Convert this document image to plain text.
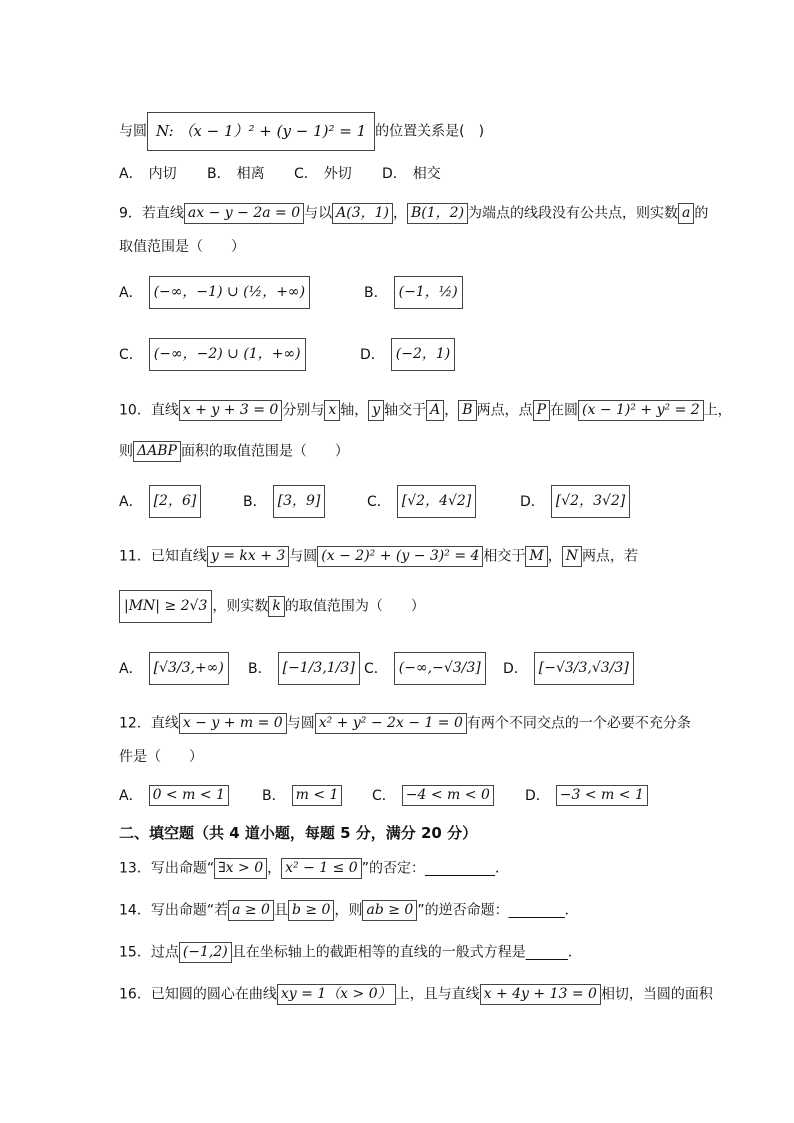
与圆 N: （x − 1）² + (y − 1)² = 1 的位置关系是(　)
A． 内切 B． 相离 C． 外切 D． 相交
9．若直线 ax − y − 2a = 0 与以 A(3，1) ， B(1，2) 为端点的线段没有公共点，则实数 a 的
取值范围是（　　）
A． (−∞，−1) ∪ (½，+∞)	B． (−1，½)
C． (−∞，−2) ∪ (1，+∞)	D． (−2，1)
10．直线 x + y + 3 = 0 分别与 x 轴， y 轴交于 A ， B 两点，点 P 在圆 (x − 1)² + y² = 2 上，
则 ΔABP 面积的取值范围是（　　）
A． [2，6]	B． [3，9]	C． [√2，4√2]	D． [√2，3√2]
11．已知直线 y = kx + 3 与圆 (x − 2)² + (y − 3)² = 4 相交于 M ， N 两点，若
|MN| ≥ 2√3 ，则实数 k 的取值范围为（　　）
A． [√3/3,+∞)	B． [−1/3,1/3] C． (−∞,−√3/3]	D． [−√3/3,√3/3]
12．直线 x − y + m = 0 与圆 x² + y² − 2x − 1 = 0 有两个不同交点的一个必要不充分条
件是（　　）
A． 0 < m < 1	B． m < 1 C． −4 < m < 0	D． −3 < m < 1
二、填空题（共 4 道小题，每题 5 分，满分 20 分）
13．写出命题“ ∃x > 0 ， x² − 1 ≤ 0 ”的否定：__________．
14．写出命题“若 a ≥ 0 且 b ≥ 0 ，则 ab ≥ 0 ”的逆否命题：________．
15．过点 (−1,2) 且在坐标轴上的截距相等的直线的一般式方程是______．
16．已知圆的圆心在曲线 xy = 1（x > 0） 上，且与直线 x + 4y + 13 = 0 相切，当圆的面积
